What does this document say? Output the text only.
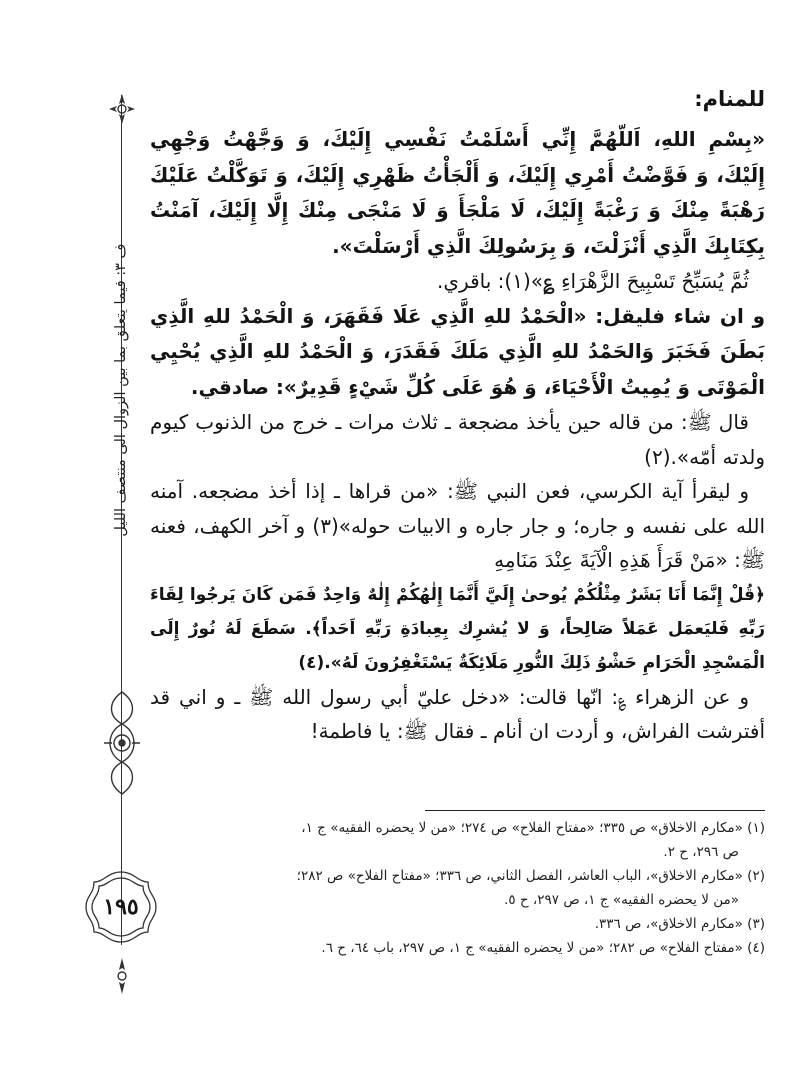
ف ٣: فيما يتعلق بما بين الزوال الى منتصف الليل
١٩٥
للمنام:

«بِسْمِ اللهِ، اَللّهُمَّ إِنِّي أَسْلَمْتُ نَفْسِي إِلَيْكَ، وَ وَجَّهْتُ وَجْهِي إِلَيْكَ، وَ فَوَّضْتُ أَمْرِي إِلَيْكَ، وَ أَلْجَأْتُ ظَهْرِي إِلَيْكَ، وَ تَوَكَّلْتُ عَلَيْكَ رَهْبَةً مِنْكَ وَ رَغْبَةً إِلَيْكَ، لَا مَلْجَأَ وَ لَا مَنْجَى مِنْكَ إِلَّا إِلَيْكَ، آمَنْتُ بِكِتَابِكَ الَّذِي أَنْزَلْتَ، وَ بِرَسُولِكَ الَّذِي أَرْسَلْتَ».

ثُمَّ يُسَبِّحُ تَسْبِيحَ الزَّهْرَاءِ ؏»(١): باقري.

و ان شاء فليقل: «الْحَمْدُ للهِ الَّذِي عَلَا فَقَهَرَ، وَ الْحَمْدُ للهِ الَّذِي بَطَنَ فَخَبَرَ وَالحَمْدُ للهِ الَّذِي مَلَكَ فَقَدَرَ، وَ الْحَمْدُ للهِ الَّذِي يُحْيِي الْمَوْتَى وَ يُمِيتُ الْأَحْيَاءَ، وَ هُوَ عَلَى كُلِّ شَيْءٍ قَدِيرٌ»: صادقي.

قال ﷺ: من قاله حين يأخذ مضجعة ـ ثلاث مرات ـ خرج من الذنوب كيوم ولدته أمّه».(٢)

و ليقرأ آية الكرسي، فعن النبي ﷺ: «من قراها ـ إذا أخذ مضجعه. آمنه الله على نفسه و جاره؛ و جار جاره و الابيات حوله»(٣) و آخر الكهف، فعنه ﷺ: «مَنْ قَرَأَ هَذِهِ الْآيَةَ عِنْدَ مَنَامِهِ

﴿قُلْ إِنَّمَا أَنَا بَشَرٌ مِثْلُكُمْ يُوحىٰ إِلَيَّ أَنَّمَا إِلٰهُكُمْ إِلٰهٌ وَاحِدٌ فَمَن كَانَ يَرجُوا لِقَاءَ رَبِّهِ فَليَعمَل عَمَلاً صَالِحاً، وَ لا يُشرِك بِعِبادَةِ رَبِّهِ اَحَداً﴾. سَطَعَ لَهُ نُورٌ إِلَى الْمَسْجِدِ الْحَرَامِ حَشْوُ ذَلِكَ النُّورِ مَلَائِكَةٌ يَسْتَغْفِرُونَ لَهُ».(٤)

و عن الزهراء ؏: انّها قالت: «دخل عليّ أبي رسول الله ﷺ ـ و اني قد أفترشت الفراش، و أردت ان أنام ـ فقال ﷺ: يا فاطمة!

(١) «مكارم الاخلاق» ص ٣٣٥؛ «مفتاح الفلاح» ص ٢٧٤؛ «من لا يحضره الفقيه» ج ١،

ص ٢٩٦، ح ٢.

(٢) «مكارم الاخلاق»، الباب العاشر، الفصل الثاني، ص ٣٣٦؛ «مفتاح الفلاح» ص ٢٨٢؛

«من لا يحضره الفقيه» ج ١، ص ٢٩٧، ح ٥.

(٣) «مكارم الاخلاق»، ص ٣٣٦.

(٤) «مفتاح الفلاح» ص ٢٨٢؛ «من لا يحضره الفقيه» ج ١، ص ٢٩٧، باب ٦٤، ح ٦.
